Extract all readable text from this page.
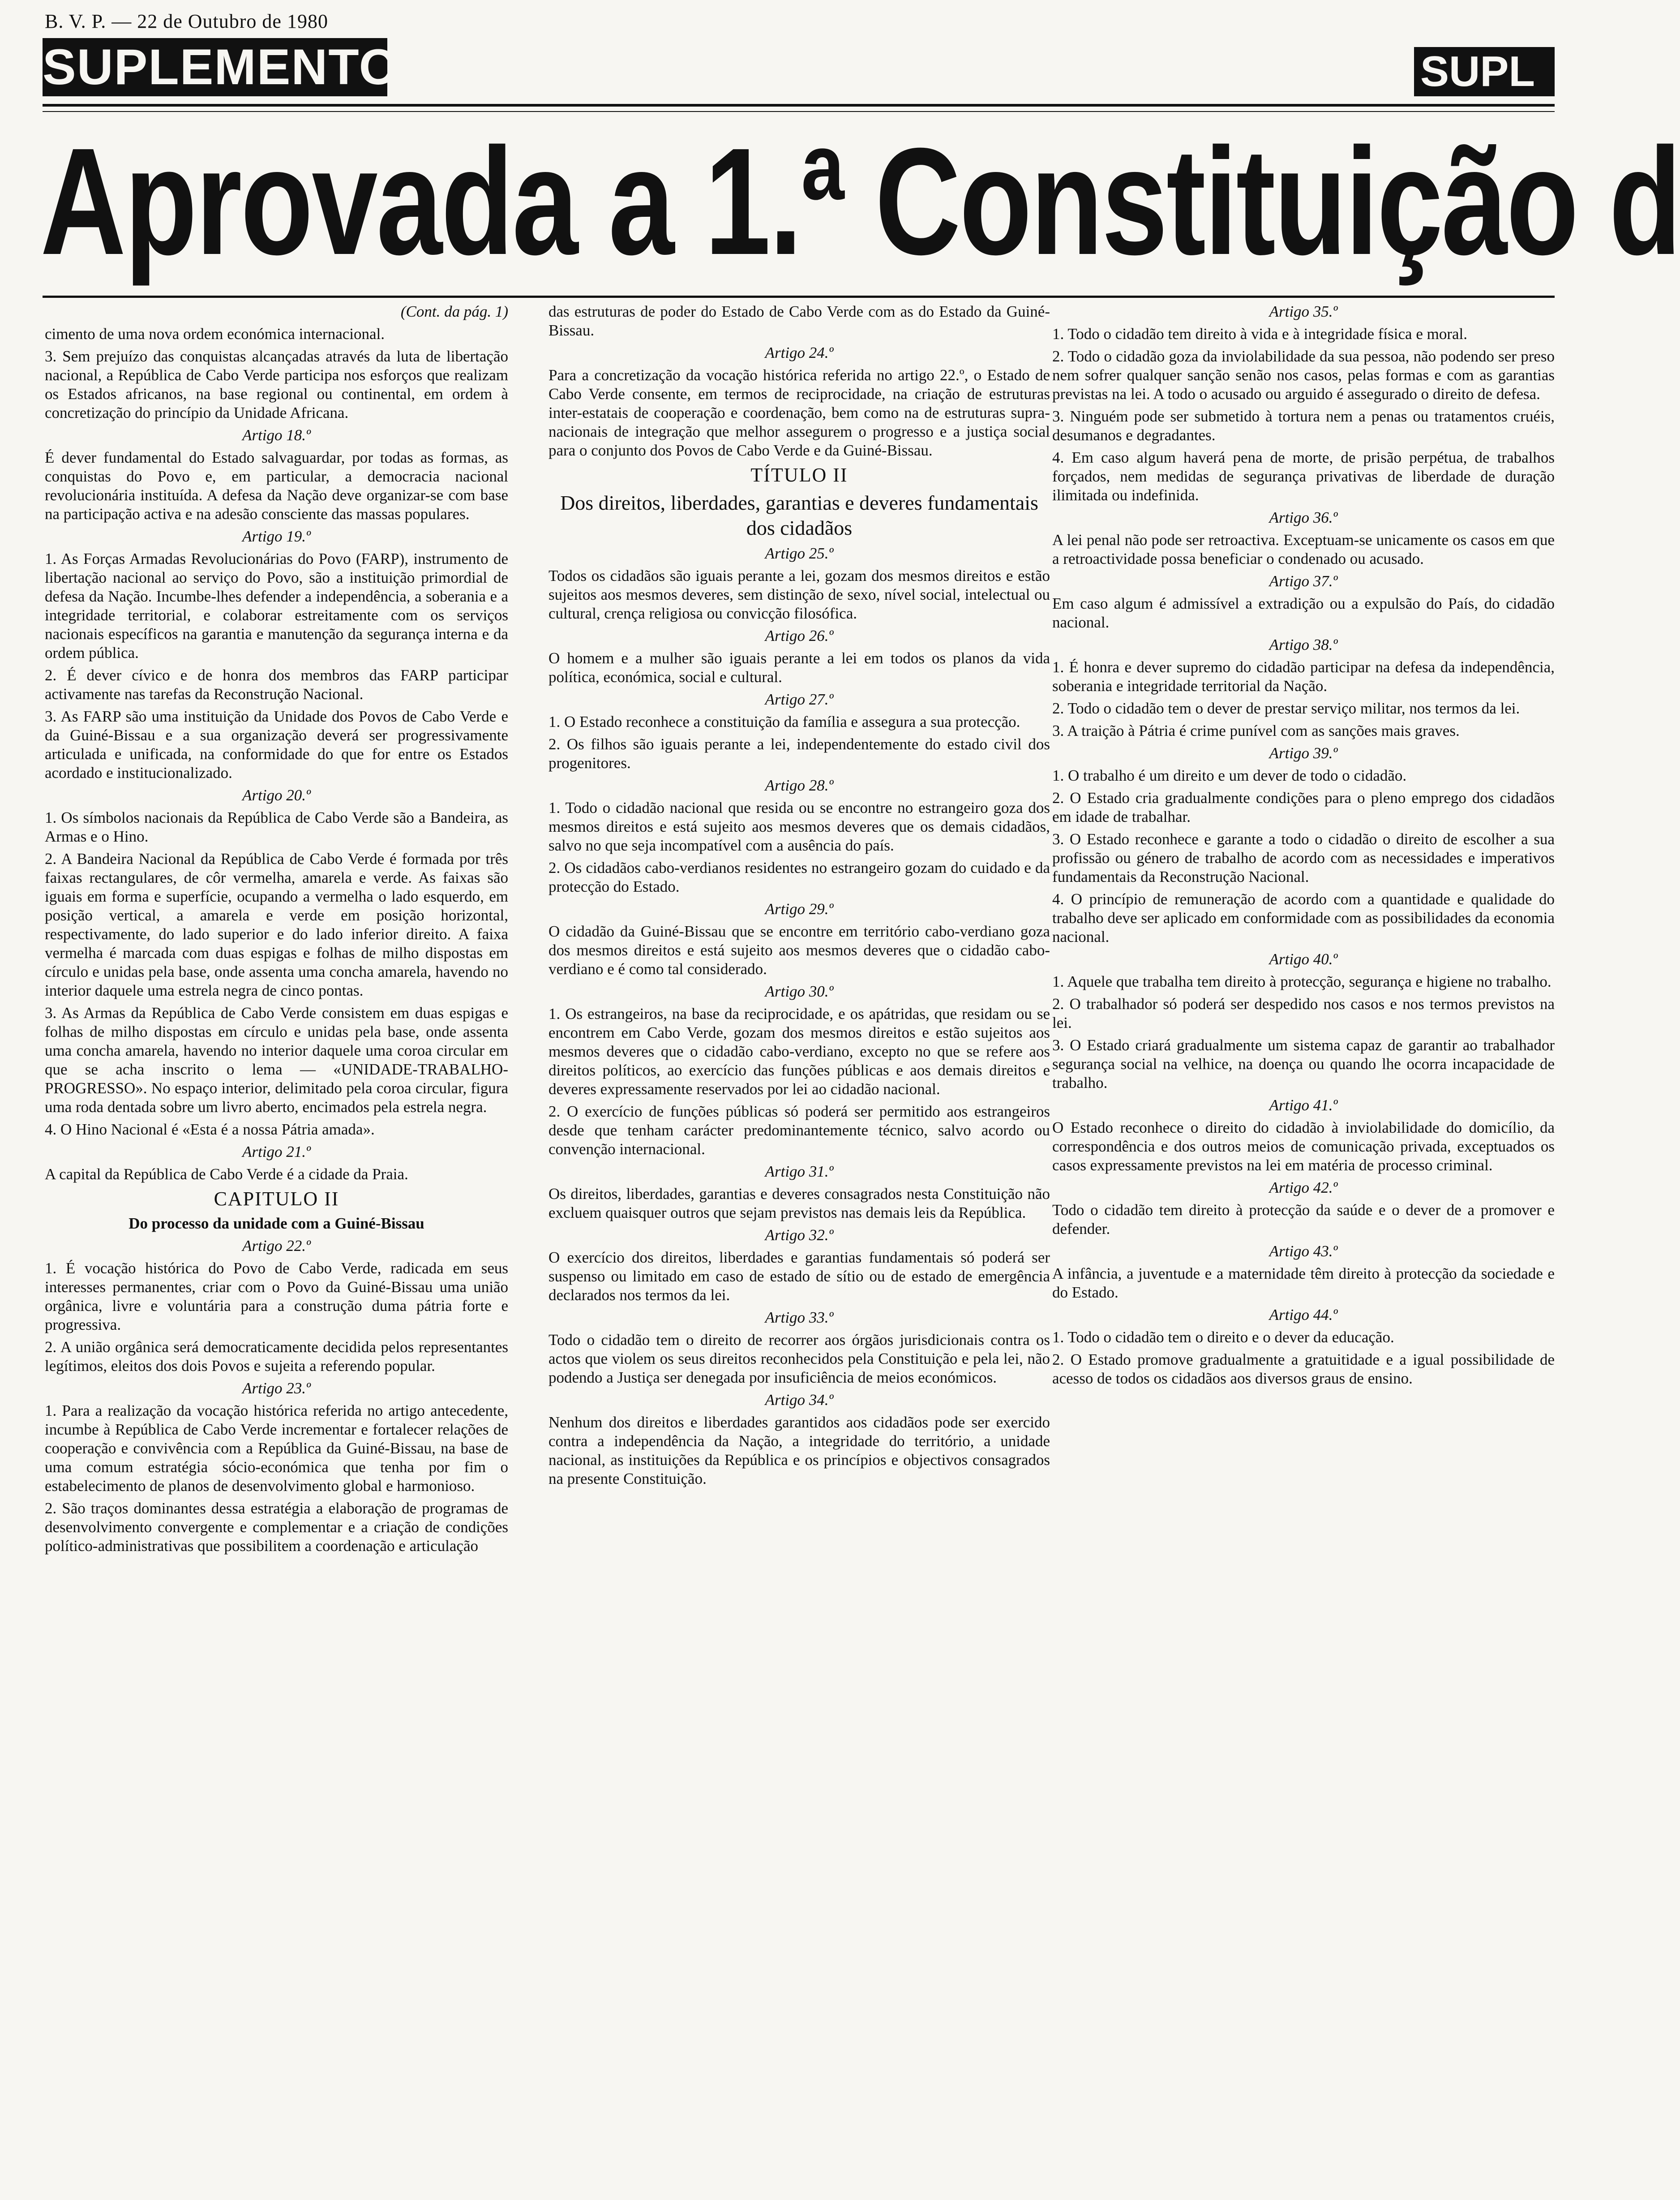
B. V. P. — 22 de Outubro de 1980
SUPLEMENTO	SUPL
Aprovada a 1.ª Constituição d

(Cont. da pág. 1)

cimento de uma nova ordem económica internacional.

3. Sem prejuízo das conquistas alcançadas através da luta de libertação nacional, a República de Cabo Verde participa nos esforços que realizam os Estados africanos, na base regional ou continental, em ordem à concretização do princípio da Unidade Africana.

Artigo 18.º

É dever fundamental do Estado salvaguardar, por todas as formas, as conquistas do Povo e, em particular, a democracia nacional revolucionária instituída. A defesa da Nação deve organizar-se com base na participação activa e na adesão consciente das massas populares.

Artigo 19.º

1. As Forças Armadas Revolucionárias do Povo (FARP), instrumento de libertação nacional ao serviço do Povo, são a instituição primordial de defesa da Nação. Incumbe-lhes defender a independência, a soberania e a integridade territorial, e colaborar estreitamente com os serviços nacionais específicos na garantia e manutenção da segurança interna e da ordem pública.

2. É dever cívico e de honra dos membros das FARP participar activamente nas tarefas da Reconstrução Nacional.

3. As FARP são uma instituição da Unidade dos Povos de Cabo Verde e da Guiné-Bissau e a sua organização deverá ser progressivamente articulada e unificada, na conformidade do que for entre os Estados acordado e institucionalizado.

Artigo 20.º

1. Os símbolos nacionais da República de Cabo Verde são a Bandeira, as Armas e o Hino.

2. A Bandeira Nacional da República de Cabo Verde é formada por três faixas rectangulares, de côr vermelha, amarela e verde. As faixas são iguais em forma e superfície, ocupando a vermelha o lado esquerdo, em posição vertical, a amarela e verde em posição horizontal, respectivamente, do lado superior e do lado inferior direito. A faixa vermelha é marcada com duas espigas e folhas de milho dispostas em círculo e unidas pela base, onde assenta uma concha amarela, havendo no interior daquele uma estrela negra de cinco pontas.

3. As Armas da República de Cabo Verde consistem em duas espigas e folhas de milho dispostas em círculo e unidas pela base, onde assenta uma concha amarela, havendo no interior daquele uma coroa circular em que se acha inscrito o lema — «UNIDADE-TRABALHO-PROGRESSO». No espaço interior, delimitado pela coroa circular, figura uma roda dentada sobre um livro aberto, encimados pela estrela negra.

4. O Hino Nacional é «Esta é a nossa Pátria amada».

Artigo 21.º

A capital da República de Cabo Verde é a cidade da Praia.

CAPITULO II

Do processo da unidade com a Guiné-Bissau

Artigo 22.º

1. É vocação histórica do Povo de Cabo Verde, radicada em seus interesses permanentes, criar com o Povo da Guiné-Bissau uma união orgânica, livre e voluntária para a construção duma pátria forte e progressiva.

2. A união orgânica será democraticamente decidida pelos representantes legítimos, eleitos dos dois Povos e sujeita a referendo popular.

Artigo 23.º

1. Para a realização da vocação histórica referida no artigo antecedente, incumbe à República de Cabo Verde incrementar e fortalecer relações de cooperação e convivência com a República da Guiné-Bissau, na base de uma comum estratégia sócio-económica que tenha por fim o estabelecimento de planos de desenvolvimento global e harmonioso.

2. São traços dominantes dessa estratégia a elaboração de programas de desenvolvimento convergente e complementar e a criação de condições político-administrativas que possibilitem a coordenação e articulação

das estruturas de poder do Estado de Cabo Verde com as do Estado da Guiné-Bissau.

Artigo 24.º

Para a concretização da vocação histórica referida no artigo 22.º, o Estado de Cabo Verde consente, em termos de reciprocidade, na criação de estruturas inter-estatais de cooperação e coordenação, bem como na de estruturas supra-nacionais de integração que melhor assegurem o progresso e a justiça social para o conjunto dos Povos de Cabo Verde e da Guiné-Bissau.

TÍTULO II

Dos direitos, liberdades, garantias e deveres fundamentais dos cidadãos

Artigo 25.º

Todos os cidadãos são iguais perante a lei, gozam dos mesmos direitos e estão sujeitos aos mesmos deveres, sem distinção de sexo, nível social, intelectual ou cultural, crença religiosa ou convicção filosófica.

Artigo 26.º

O homem e a mulher são iguais perante a lei em todos os planos da vida política, económica, social e cultural.

Artigo 27.º

1. O Estado reconhece a constituição da família e assegura a sua protecção.

2. Os filhos são iguais perante a lei, independentemente do estado civil dos progenitores.

Artigo 28.º

1. Todo o cidadão nacional que resida ou se encontre no estrangeiro goza dos mesmos direitos e está sujeito aos mesmos deveres que os demais cidadãos, salvo no que seja incompatível com a ausência do país.

2. Os cidadãos cabo-verdianos residentes no estrangeiro gozam do cuidado e da protecção do Estado.

Artigo 29.º

O cidadão da Guiné-Bissau que se encontre em território cabo-verdiano goza dos mesmos direitos e está sujeito aos mesmos deveres que o cidadão cabo-verdiano e é como tal considerado.

Artigo 30.º

1. Os estrangeiros, na base da reciprocidade, e os apátridas, que residam ou se encontrem em Cabo Verde, gozam dos mesmos direitos e estão sujeitos aos mesmos deveres que o cidadão cabo-verdiano, excepto no que se refere aos direitos políticos, ao exercício das funções públicas e aos demais direitos e deveres expressamente reservados por lei ao cidadão nacional.

2. O exercício de funções públicas só poderá ser permitido aos estrangeiros desde que tenham carácter predominantemente técnico, salvo acordo ou convenção internacional.

Artigo 31.º

Os direitos, liberdades, garantias e deveres consagrados nesta Constituição não excluem quaisquer outros que sejam previstos nas demais leis da República.

Artigo 32.º

O exercício dos direitos, liberdades e garantias fundamentais só poderá ser suspenso ou limitado em caso de estado de sítio ou de estado de emergência declarados nos termos da lei.

Artigo 33.º

Todo o cidadão tem o direito de recorrer aos órgãos jurisdicionais contra os actos que violem os seus direitos reconhecidos pela Constituição e pela lei, não podendo a Justiça ser denegada por insuficiência de meios económicos.

Artigo 34.º

Nenhum dos direitos e liberdades garantidos aos cidadãos pode ser exercido contra a independência da Nação, a integridade do território, a unidade nacional, as instituições da República e os princípios e objectivos consagrados na presente Constituição.

Artigo 35.º

1. Todo o cidadão tem direito à vida e à integridade física e moral.

2. Todo o cidadão goza da inviolabilidade da sua pessoa, não podendo ser preso nem sofrer qualquer sanção senão nos casos, pelas formas e com as garantias previstas na lei. A todo o acusado ou arguido é assegurado o direito de defesa.

3. Ninguém pode ser submetido à tortura nem a penas ou tratamentos cruéis, desumanos e degradantes.

4. Em caso algum haverá pena de morte, de prisão perpétua, de trabalhos forçados, nem medidas de segurança privativas de liberdade de duração ilimitada ou indefinida.

Artigo 36.º

A lei penal não pode ser retroactiva. Exceptuam-se unicamente os casos em que a retroactividade possa beneficiar o condenado ou acusado.

Artigo 37.º

Em caso algum é admissível a extradição ou a expulsão do País, do cidadão nacional.

Artigo 38.º

1. É honra e dever supremo do cidadão participar na defesa da independência, soberania e integridade territorial da Nação.

2. Todo o cidadão tem o dever de prestar serviço militar, nos termos da lei.

3. A traição à Pátria é crime punível com as sanções mais graves.

Artigo 39.º

1. O trabalho é um direito e um dever de todo o cidadão.

2. O Estado cria gradualmente condições para o pleno emprego dos cidadãos em idade de trabalhar.

3. O Estado reconhece e garante a todo o cidadão o direito de escolher a sua profissão ou género de trabalho de acordo com as necessidades e imperativos fundamentais da Reconstrução Nacional.

4. O princípio de remuneração de acordo com a quantidade e qualidade do trabalho deve ser aplicado em conformidade com as possibilidades da economia nacional.

Artigo 40.º

1. Aquele que trabalha tem direito à protecção, segurança e higiene no trabalho.

2. O trabalhador só poderá ser despedido nos casos e nos termos previstos na lei.

3. O Estado criará gradualmente um sistema capaz de garantir ao trabalhador segurança social na velhice, na doença ou quando lhe ocorra incapacidade de trabalho.

Artigo 41.º

O Estado reconhece o direito do cidadão à inviolabilidade do domicílio, da correspondência e dos outros meios de comunicação privada, exceptuados os casos expressamente previstos na lei em matéria de processo criminal.

Artigo 42.º

Todo o cidadão tem direito à protecção da saúde e o dever de a promover e defender.

Artigo 43.º

A infância, a juventude e a maternidade têm direito à protecção da sociedade e do Estado.

Artigo 44.º

1. Todo o cidadão tem o direito e o dever da educação.

2. O Estado promove gradualmente a gratuitidade e a igual possibilidade de acesso de todos os cidadãos aos diversos graus de ensino.
